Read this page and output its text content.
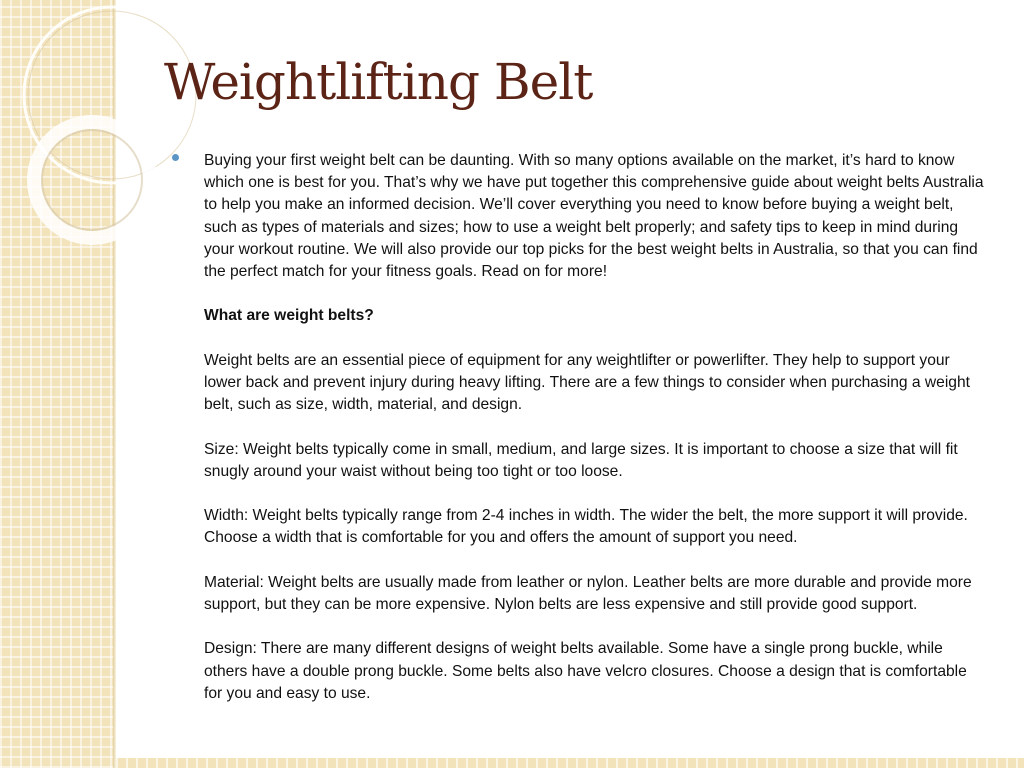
Weightlifting Belt

Buying your first weight belt can be daunting. With so many options available on the market, it’s hard to know which one is best for you. That’s why we have put together this comprehensive guide about weight belts Australia to help you make an informed decision. We’ll cover everything you need to know before buying a weight belt, such as types of materials and sizes; how to use a weight belt properly; and safety tips to keep in mind during your workout routine. We will also provide our top picks for the best weight belts in Australia, so that you can find the perfect match for your fitness goals. Read on for more!

What are weight belts?

Weight belts are an essential piece of equipment for any weightlifter or powerlifter. They help to support your lower back and prevent injury during heavy lifting. There are a few things to consider when purchasing a weight belt, such as size, width, material, and design.

Size: Weight belts typically come in small, medium, and large sizes. It is important to choose a size that will fit snugly around your waist without being too tight or too loose.

Width: Weight belts typically range from 2-4 inches in width. The wider the belt, the more support it will provide. Choose a width that is comfortable for you and offers the amount of support you need.

Material: Weight belts are usually made from leather or nylon. Leather belts are more durable and provide more support, but they can be more expensive. Nylon belts are less expensive and still provide good support.

Design: There are many different designs of weight belts available. Some have a single prong buckle, while others have a double prong buckle. Some belts also have velcro closures. Choose a design that is comfortable for you and easy to use.
